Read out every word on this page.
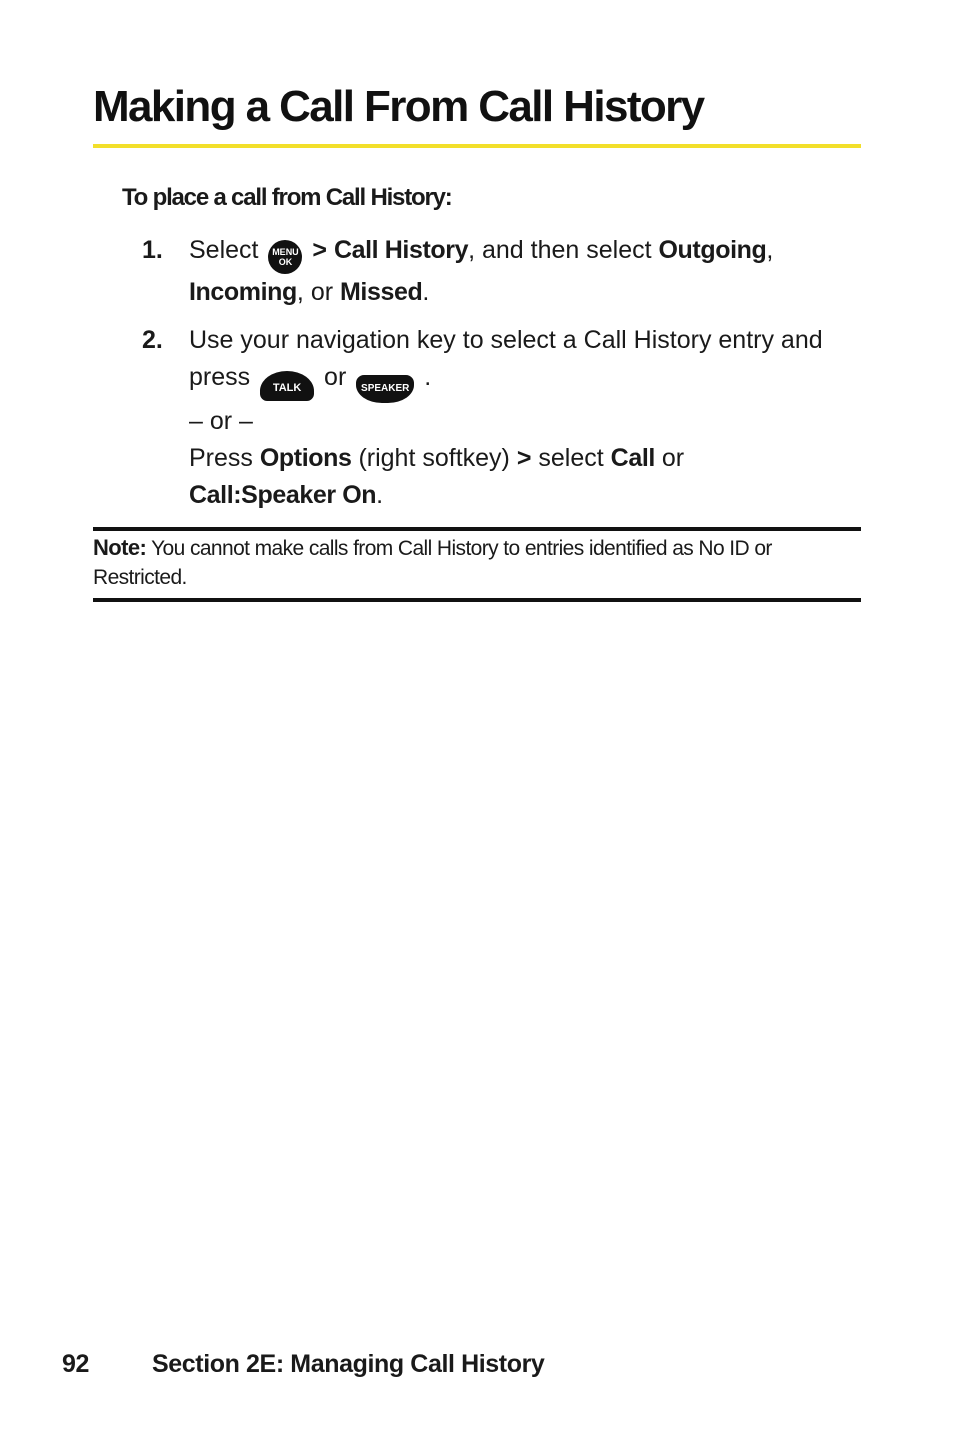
Making a Call From Call History
To place a call from Call History:
1. Select MENU
OK > Call History, and then select Outgoing,
Incoming, or Missed.
2. Use your navigation key to select a Call History entry and
press TALK or SPEAKER .
– or –
Press Options (right softkey) > select Call or
Call:Speaker On.
Note: You cannot make calls from Call History to entries identified as No ID or Restricted.
92	Section 2E: Managing Call History
